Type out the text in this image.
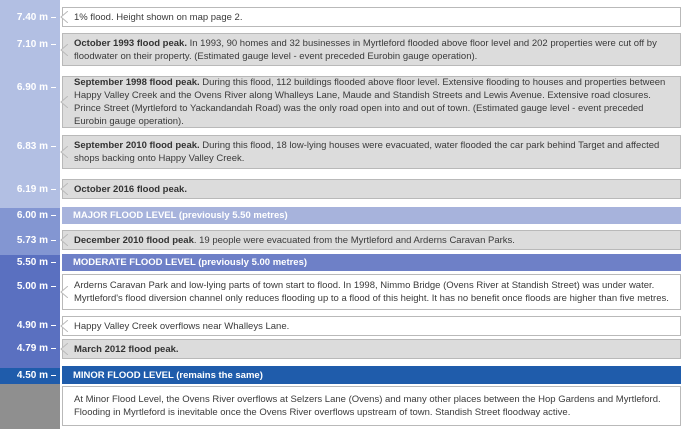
7.40 m
7.10 m
6.90 m
6.83 m
6.19 m
6.00 m
5.73 m
5.50 m
5.00 m
4.90 m
4.79 m
4.50 m
1% flood. Height shown on map page 2.
October 1993 flood peak. In 1993, 90 homes and 32 businesses in Myrtleford flooded above floor level and 202 properties were cut off by floodwater on their property. (Estimated gauge level - event preceded Eurobin gauge operation).
September 1998 flood peak. During this flood, 112 buildings flooded above floor level. Extensive flooding to houses and properties between Happy Valley Creek and the Ovens River along Whalleys Lane, Maude and Standish Streets and Lewis Avenue. Extensive road closures. Prince Street (Myrtleford to Yackandandah Road) was the only road open into and out of town. (Estimated gauge level - event preceded Eurobin gauge operation).
September 2010 flood peak. During this flood, 18 low-lying houses were evacuated, water flooded the car park behind Target and affected shops backing onto Happy Valley Creek.
October 2016 flood peak.
MAJOR FLOOD LEVEL (previously 5.50 metres)
December 2010 flood peak. 19 people were evacuated from the Myrtleford and Arderns Caravan Parks.
MODERATE FLOOD LEVEL (previously 5.00 metres)
Arderns Caravan Park and low-lying parts of town start to flood. In 1998, Nimmo Bridge (Ovens River at Standish Street) was under water. Myrtleford's flood diversion channel only reduces flooding up to a flood of this height. It has no benefit once floods are higher than five metres.
Happy Valley Creek overflows near Whalleys Lane.
March 2012 flood peak.
MINOR FLOOD LEVEL (remains the same)
At Minor Flood Level, the Ovens River overflows at Selzers Lane (Ovens) and many other places between the Hop Gardens and Myrtleford. Flooding in Myrtleford is inevitable once the Ovens River overflows upstream of town. Standish Street floodway active.
